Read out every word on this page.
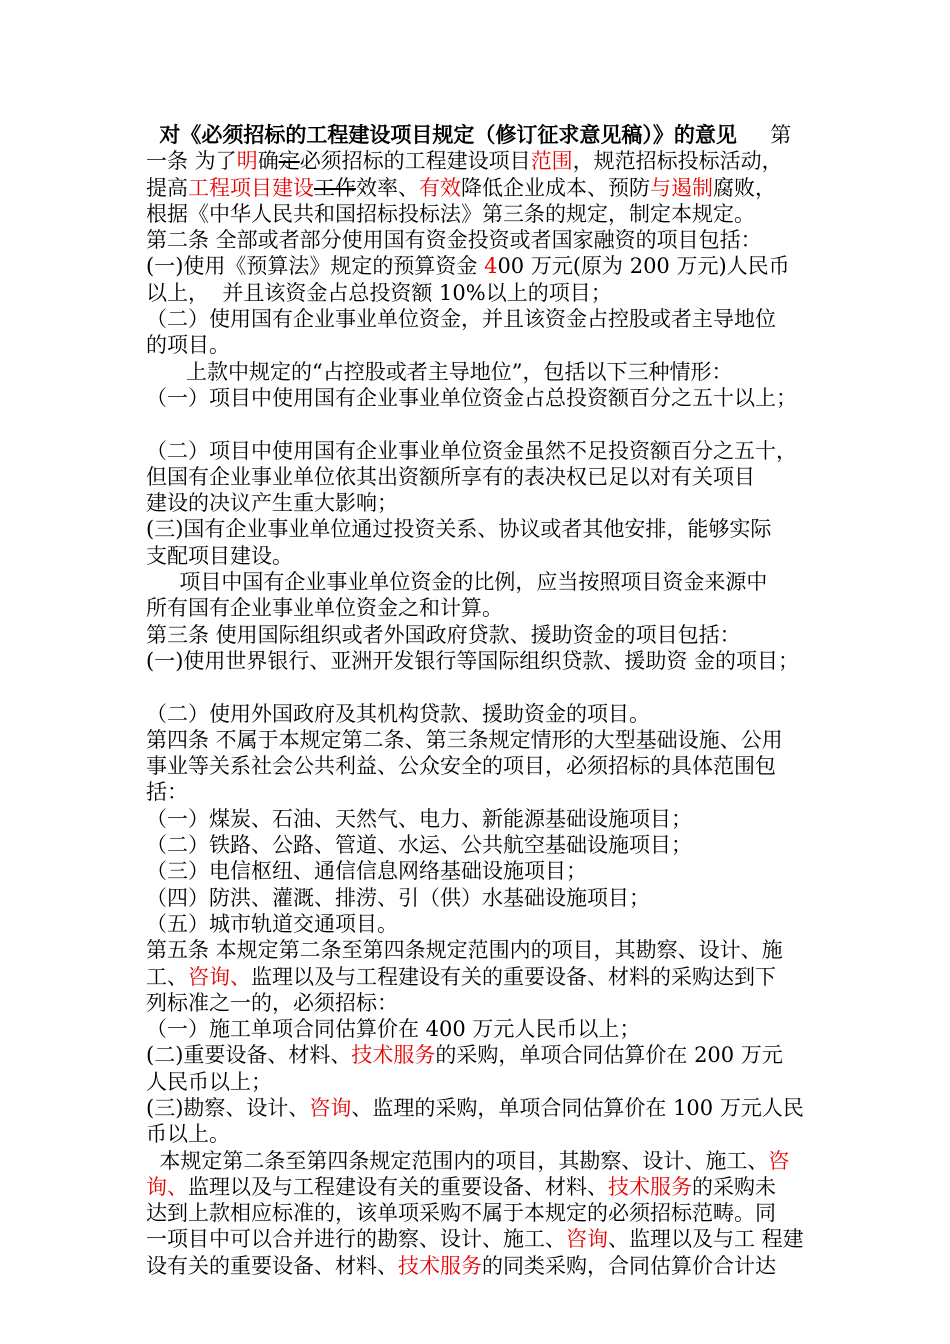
对《必须招标的工程建设项目规定（修订征求意见稿）》的意见 第
一条 为了明确定必须招标的工程建设项目范围，规范招标投标活动，
提高工程项目建设工作效率、有效降低企业成本、预防与遏制腐败，
根据《中华人民共和国招标投标法》第三条的规定，制定本规定。
第二条 全部或者部分使用国有资金投资或者国家融资的项目包括：
(一)使用《预算法》规定的预算资金 400 万元(原为 200 万元)人民币
以上，  并且该资金占总投资额 10%以上的项目；
（二）使用国有企业事业单位资金，并且该资金占控股或者主导地位
的项目。
上款中规定的“占控股或者主导地位”，包括以下三种情形：
（一）项目中使用国有企业事业单位资金占总投资额百分之五十以上；
（二）项目中使用国有企业事业单位资金虽然不足投资额百分之五十，
但国有企业事业单位依其出资额所享有的表决权已足以对有关项目
建设的决议产生重大影响；
(三)国有企业事业单位通过投资关系、协议或者其他安排，能够实际
支配项目建设。
项目中国有企业事业单位资金的比例，应当按照项目资金来源中
所有国有企业事业单位资金之和计算。
第三条 使用国际组织或者外国政府贷款、援助资金的项目包括：
(一)使用世界银行、亚洲开发银行等国际组织贷款、援助资 金的项目；
（二）使用外国政府及其机构贷款、援助资金的项目。
第四条 不属于本规定第二条、第三条规定情形的大型基础设施、公用
事业等关系社会公共利益、公众安全的项目，必须招标的具体范围包
括：
（一）煤炭、石油、天然气、电力、新能源基础设施项目；
（二）铁路、公路、管道、水运、公共航空基础设施项目；
（三）电信枢纽、通信信息网络基础设施项目；
（四）防洪、灌溉、排涝、引（供）水基础设施项目；
（五）城市轨道交通项目。
第五条 本规定第二条至第四条规定范围内的项目，其勘察、设计、施
工、咨询、监理以及与工程建设有关的重要设备、材料的采购达到下
列标准之一的，必须招标：
（一）施工单项合同估算价在 400 万元人民币以上；
(二)重要设备、材料、技术服务的采购，单项合同估算价在 200 万元
人民币以上；
(三)勘察、设计、咨询、监理的采购，单项合同估算价在 100 万元人民
币以上。
本规定第二条至第四条规定范围内的项目，其勘察、设计、施工、咨
询、监理以及与工程建设有关的重要设备、材料、技术服务的采购未
达到上款相应标准的，该单项采购不属于本规定的必须招标范畴。同
一项目中可以合并进行的勘察、设计、施工、咨询、监理以及与工 程建
设有关的重要设备、材料、技术服务的同类采购，合同估算价合计达
